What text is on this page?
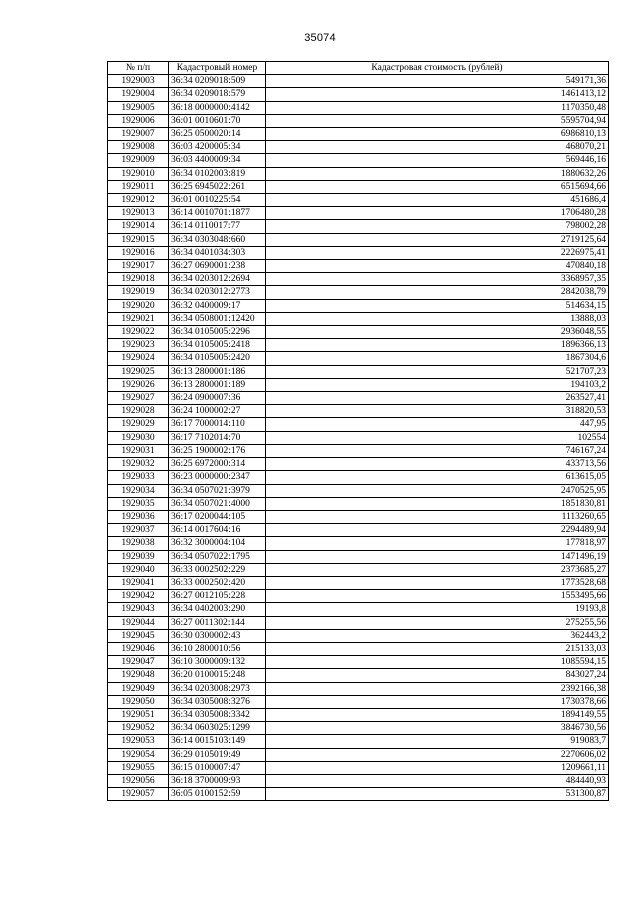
35074
№ п/п	Кадастровый номер	Кадастровая стоимость (рублей)
1929003	36:34 0209018:509	549171,36
1929004	36:34 0209018:579	1461413,12
1929005	36:18 0000000:4142	1170350,48
1929006	36:01 0010601:70	5595704,94
1929007	36:25 0500020:14	6986810,13
1929008	36:03 4200005:34	468070,21
1929009	36:03 4400009:34	569446,16
1929010	36:34 0102003:819	1880632,26
1929011	36:25 6945022:261	6515694,66
1929012	36:01 0010225:54	451686,4
1929013	36:14 0010701:1877	1706480,28
1929014	36:14 0110017:77	798002,28
1929015	36:34 0303048:660	2719125,64
1929016	36:34 0401034:303	2226975,41
1929017	36:27 0690001:238	470840,18
1929018	36:34 0203012:2694	3368957,35
1929019	36:34 0203012:2773	2842038,79
1929020	36:32 0400009:17	514634,15
1929021	36:34 0508001:12420	13888,03
1929022	36:34 0105005:2296	2936048,55
1929023	36:34 0105005:2418	1896366,13
1929024	36:34 0105005:2420	1867304,6
1929025	36:13 2800001:186	521707,23
1929026	36:13 2800001:189	194103,2
1929027	36:24 0900007:36	263527,41
1929028	36:24 1000002:27	318820,53
1929029	36:17 7000014:110	447,95
1929030	36:17 7102014:70	102554
1929031	36:25 1900002:176	746167,24
1929032	36:25 6972000:314	433713,56
1929033	36:23 0000000:2347	613615,05
1929034	36:34 0507021:3979	2470525,95
1929035	36:34 0507021:4000	1851830,81
1929036	36:17 0200044:105	1113260,65
1929037	36:14 0017604:16	2294489,94
1929038	36:32 3000004:104	177818,97
1929039	36:34 0507022:1795	1471496,19
1929040	36:33 0002502:229	2373685,27
1929041	36:33 0002502:420	1773528,68
1929042	36:27 0012105:228	1553495,66
1929043	36:34 0402003:290	19193,8
1929044	36:27 0011302:144	275255,56
1929045	36:30 0300002:43	362443,2
1929046	36:10 2800010:56	215133,03
1929047	36:10 3000009:132	1085594,15
1929048	36:20 0100015:248	843027,24
1929049	36:34 0203008:2973	2392166,38
1929050	36:34 0305008:3276	1730378,66
1929051	36:34 0305008:3342	1894149,55
1929052	36:34 0603025:1299	3846730,56
1929053	36:14 0015103:149	919083,7
1929054	36:29 0105019:49	2270606,02
1929055	36:15 0100007:47	1209661,11
1929056	36:18 3700009:93	484440,93
1929057	36:05 0100152:59	531300,87
